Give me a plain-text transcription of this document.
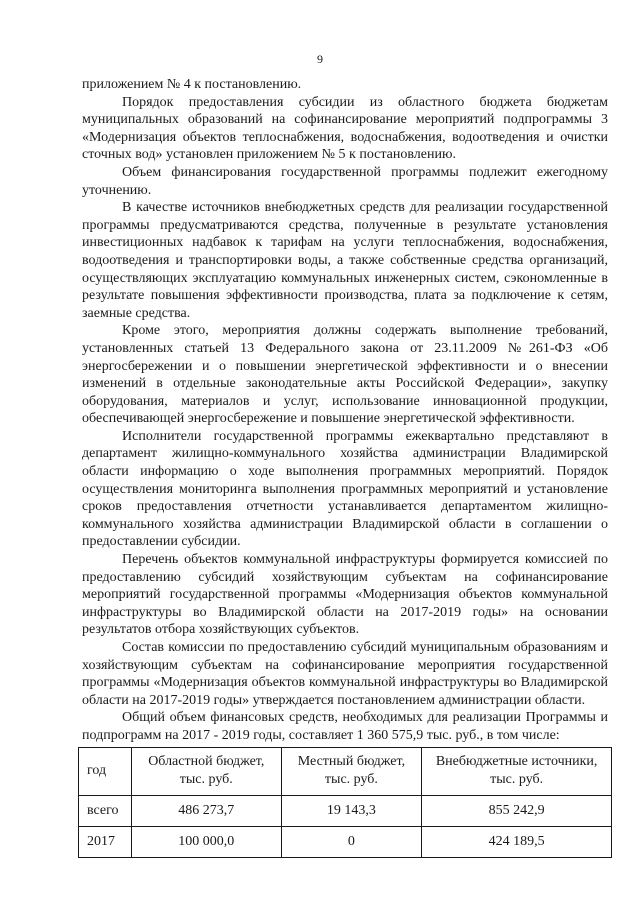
9

приложением № 4 к постановлению.

Порядок предоставления субсидии из областного бюджета бюджетам муниципальных образований на софинансирование мероприятий подпрограммы 3 «Модернизация объектов теплоснабжения, водоснабжения, водоотведения и очистки сточных вод» установлен приложением № 5 к постановлению.

Объем финансирования государственной программы подлежит ежегодному уточнению.

В качестве источников внебюджетных средств для реализации государственной программы предусматриваются средства, полученные в результате установления инвестиционных надбавок к тарифам на услуги теплоснабжения, водоснабжения, водоотведения и транспортировки воды, а также собственные средства организаций, осуществляющих эксплуатацию коммунальных инженерных систем, сэкономленные в результате повышения эффективности производства, плата за подключение к сетям, заемные средства.

Кроме этого, мероприятия должны содержать выполнение требований, установленных статьей 13 Федерального закона от 23.11.2009 №261-ФЗ «Об энергосбережении и о повышении энергетической эффективности и о внесении изменений в отдельные законодательные акты Российской Федерации», закупку оборудования, материалов и услуг, использование инновационной продукции, обеспечивающей энергосбережение и повышение энергетической эффективности.

Исполнители государственной программы ежеквартально представляют в департамент жилищно-коммунального хозяйства администрации Владимирской области информацию о ходе выполнения программных мероприятий. Порядок осуществления мониторинга выполнения программных мероприятий и установление сроков предоставления отчетности устанавливается департаментом жилищно-коммунального хозяйства администрации Владимирской области в соглашении о предоставлении субсидии.

Перечень объектов коммунальной инфраструктуры формируется комиссией по предоставлению субсидий хозяйствующим субъектам на софинансирование мероприятий государственной программы «Модернизация объектов коммунальной инфраструктуры во Владимирской области на 2017-2019 годы» на основании результатов отбора хозяйствующих субъектов.

Состав комиссии по предоставлению субсидий муниципальным образованиям и хозяйствующим субъектам на софинансирование мероприятия государственной программы «Модернизация объектов коммунальной инфраструктуры во Владимирской области на 2017-2019 годы» утверждается постановлением администрации области.

Общий объем финансовых средств, необходимых для реализации Программы и подпрограмм на 2017 - 2019 годы, составляет 1 360 575,9 тыс. руб., в том числе:

год	Областной бюджет, тыс. руб.	Местный бюджет, тыс. руб.	Внебюджетные источники, тыс. руб.
всего	486 273,7	19 143,3	855 242,9
2017	100 000,0	0	424 189,5
